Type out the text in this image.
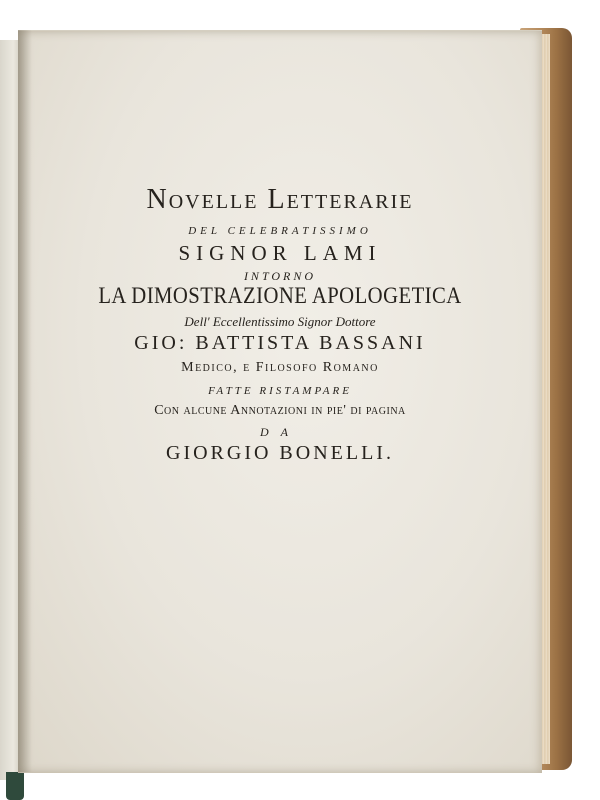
Novelle Letterarie
DEL CELEBRATISSIMO
SIGNOR LAMI
INTORNO
LA DIMOSTRAZIONE APOLOGETICA
Dell' Eccellentissimo Signor Dottore
GIO: BATTISTA BASSANI
Medico, e Filosofo Romano
FATTE RISTAMPARE
Con alcune Annotazioni in pie' di pagina
DA
GIORGIO BONELLI.
